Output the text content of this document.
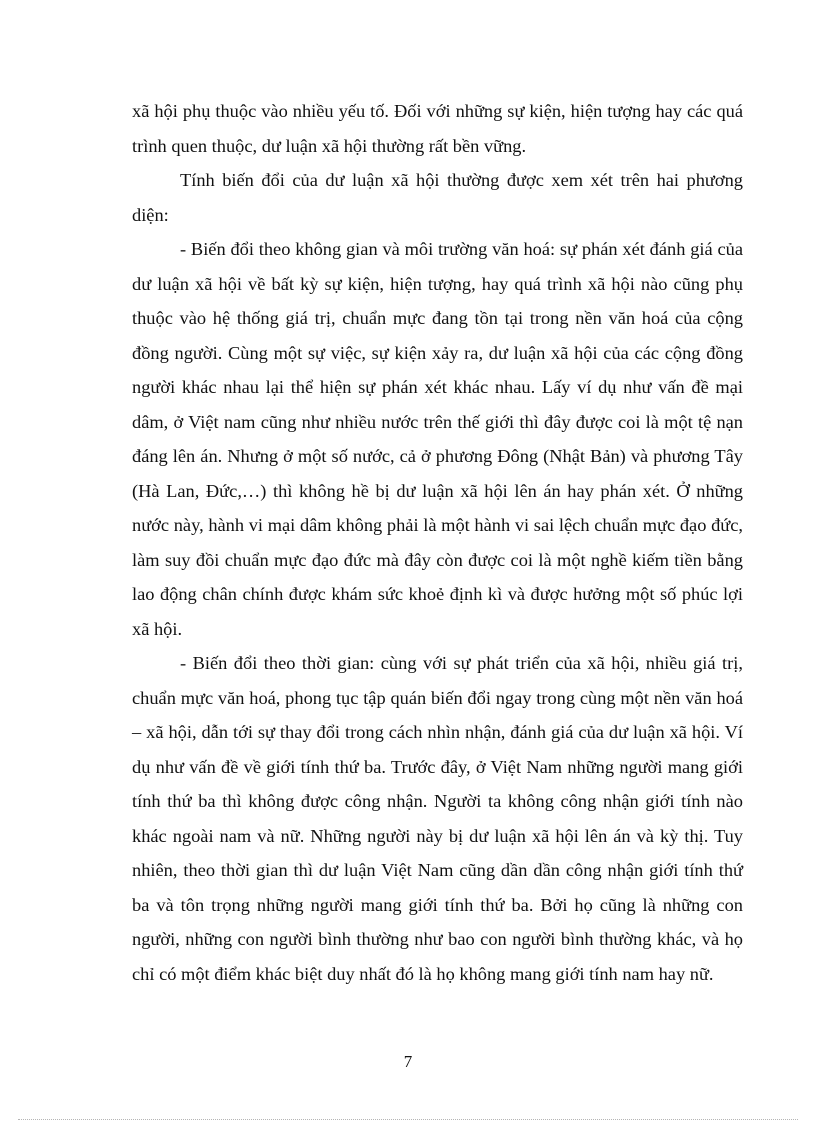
xã hội phụ thuộc vào nhiều yếu tố. Đối với những sự kiện, hiện tượng hay các quá trình quen thuộc, dư luận xã hội thường rất bền vững.

Tính biến đổi của dư luận xã hội thường được xem xét trên hai phương diện:

- Biến đổi theo không gian và môi trường văn hoá: sự phán xét đánh giá của dư luận xã hội về bất kỳ sự kiện, hiện tượng, hay quá trình xã hội nào cũng phụ thuộc vào hệ thống giá trị, chuẩn mực đang tồn tại trong nền văn hoá của cộng đồng người. Cùng một sự việc, sự kiện xảy ra, dư luận xã hội của các cộng đồng người khác nhau lại thể hiện sự phán xét khác nhau. Lấy ví dụ như vấn đề mại dâm, ở Việt nam cũng như nhiều nước trên thế giới thì đây được coi là một tệ nạn đáng lên án. Nhưng ở một số nước, cả ở phương Đông (Nhật Bản) và phương Tây (Hà Lan, Đức,…) thì không hề bị dư luận xã hội lên án hay phán xét. Ở những nước này, hành vi mại dâm không phải là một hành vi sai lệch chuẩn mực đạo đức, làm suy đồi chuẩn mực đạo đức mà đây còn được coi là một nghề kiếm tiền bằng lao động chân chính được khám sức khoẻ định kì và được hưởng một số phúc lợi xã hội.

- Biến đổi theo thời gian: cùng với sự phát triển của xã hội, nhiều giá trị, chuẩn mực văn hoá, phong tục tập quán biến đổi ngay trong cùng một nền văn hoá – xã hội, dẫn tới sự thay đổi trong cách nhìn nhận, đánh giá của dư luận xã hội. Ví dụ như vấn đề về giới tính thứ ba. Trước đây, ở Việt Nam những người mang giới tính thứ ba thì không được công nhận. Người ta không công nhận giới tính nào khác ngoài nam và nữ. Những người này bị dư luận xã hội lên án và kỳ thị. Tuy nhiên, theo thời gian thì dư luận Việt Nam cũng dần dần công nhận giới tính thứ ba và tôn trọng những người mang giới tính thứ ba. Bởi họ cũng là những con người, những con người bình thường như bao con người bình thường khác, và họ chỉ có một điểm khác biệt duy nhất đó là họ không mang giới tính nam hay nữ.

7
